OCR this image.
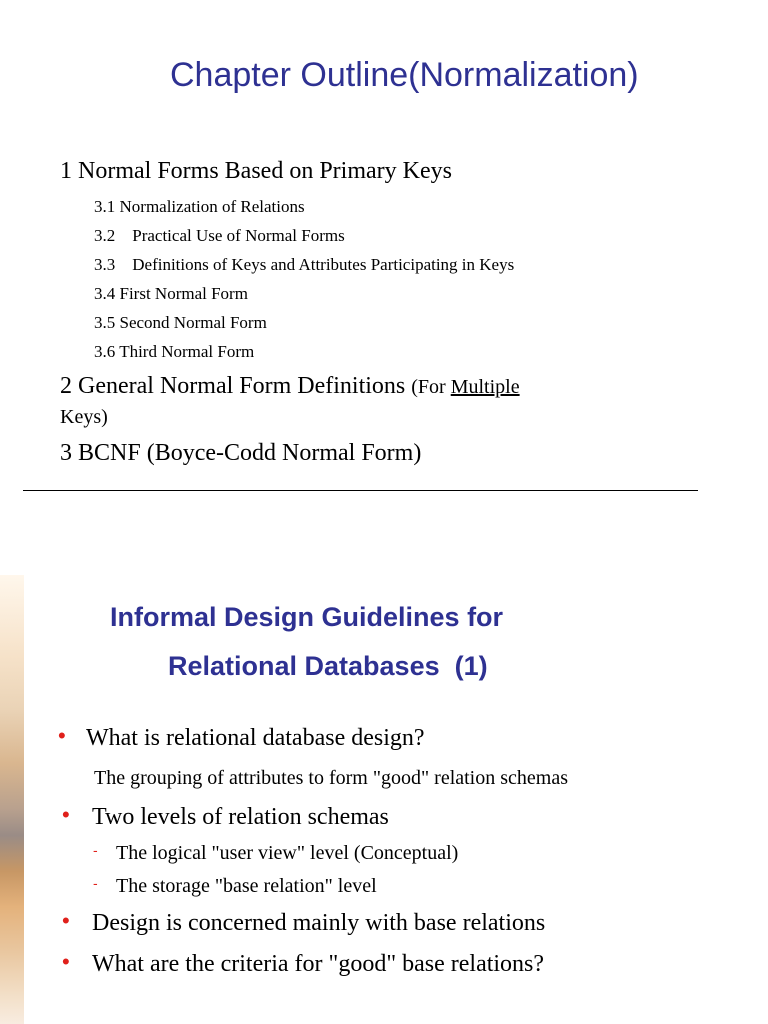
Chapter Outline(Normalization)
1 Normal Forms Based on Primary Keys
3.1 Normalization of Relations
3.2    Practical Use of Normal Forms
3.3    Definitions of Keys and Attributes Participating in Keys
3.4 First Normal Form
3.5 Second Normal Form
3.6 Third Normal Form
2 General Normal Form Definitions (For Multiple
Keys)
3 BCNF (Boyce-Codd Normal Form)
Informal Design Guidelines for
Relational Databases  (1)
• What is relational database design?
The grouping of attributes to form "good" relation schemas
• Two levels of relation schemas
- The logical "user view" level (Conceptual)
- The storage "base relation" level
• Design is concerned mainly with base relations
• What are the criteria for "good" base relations?
